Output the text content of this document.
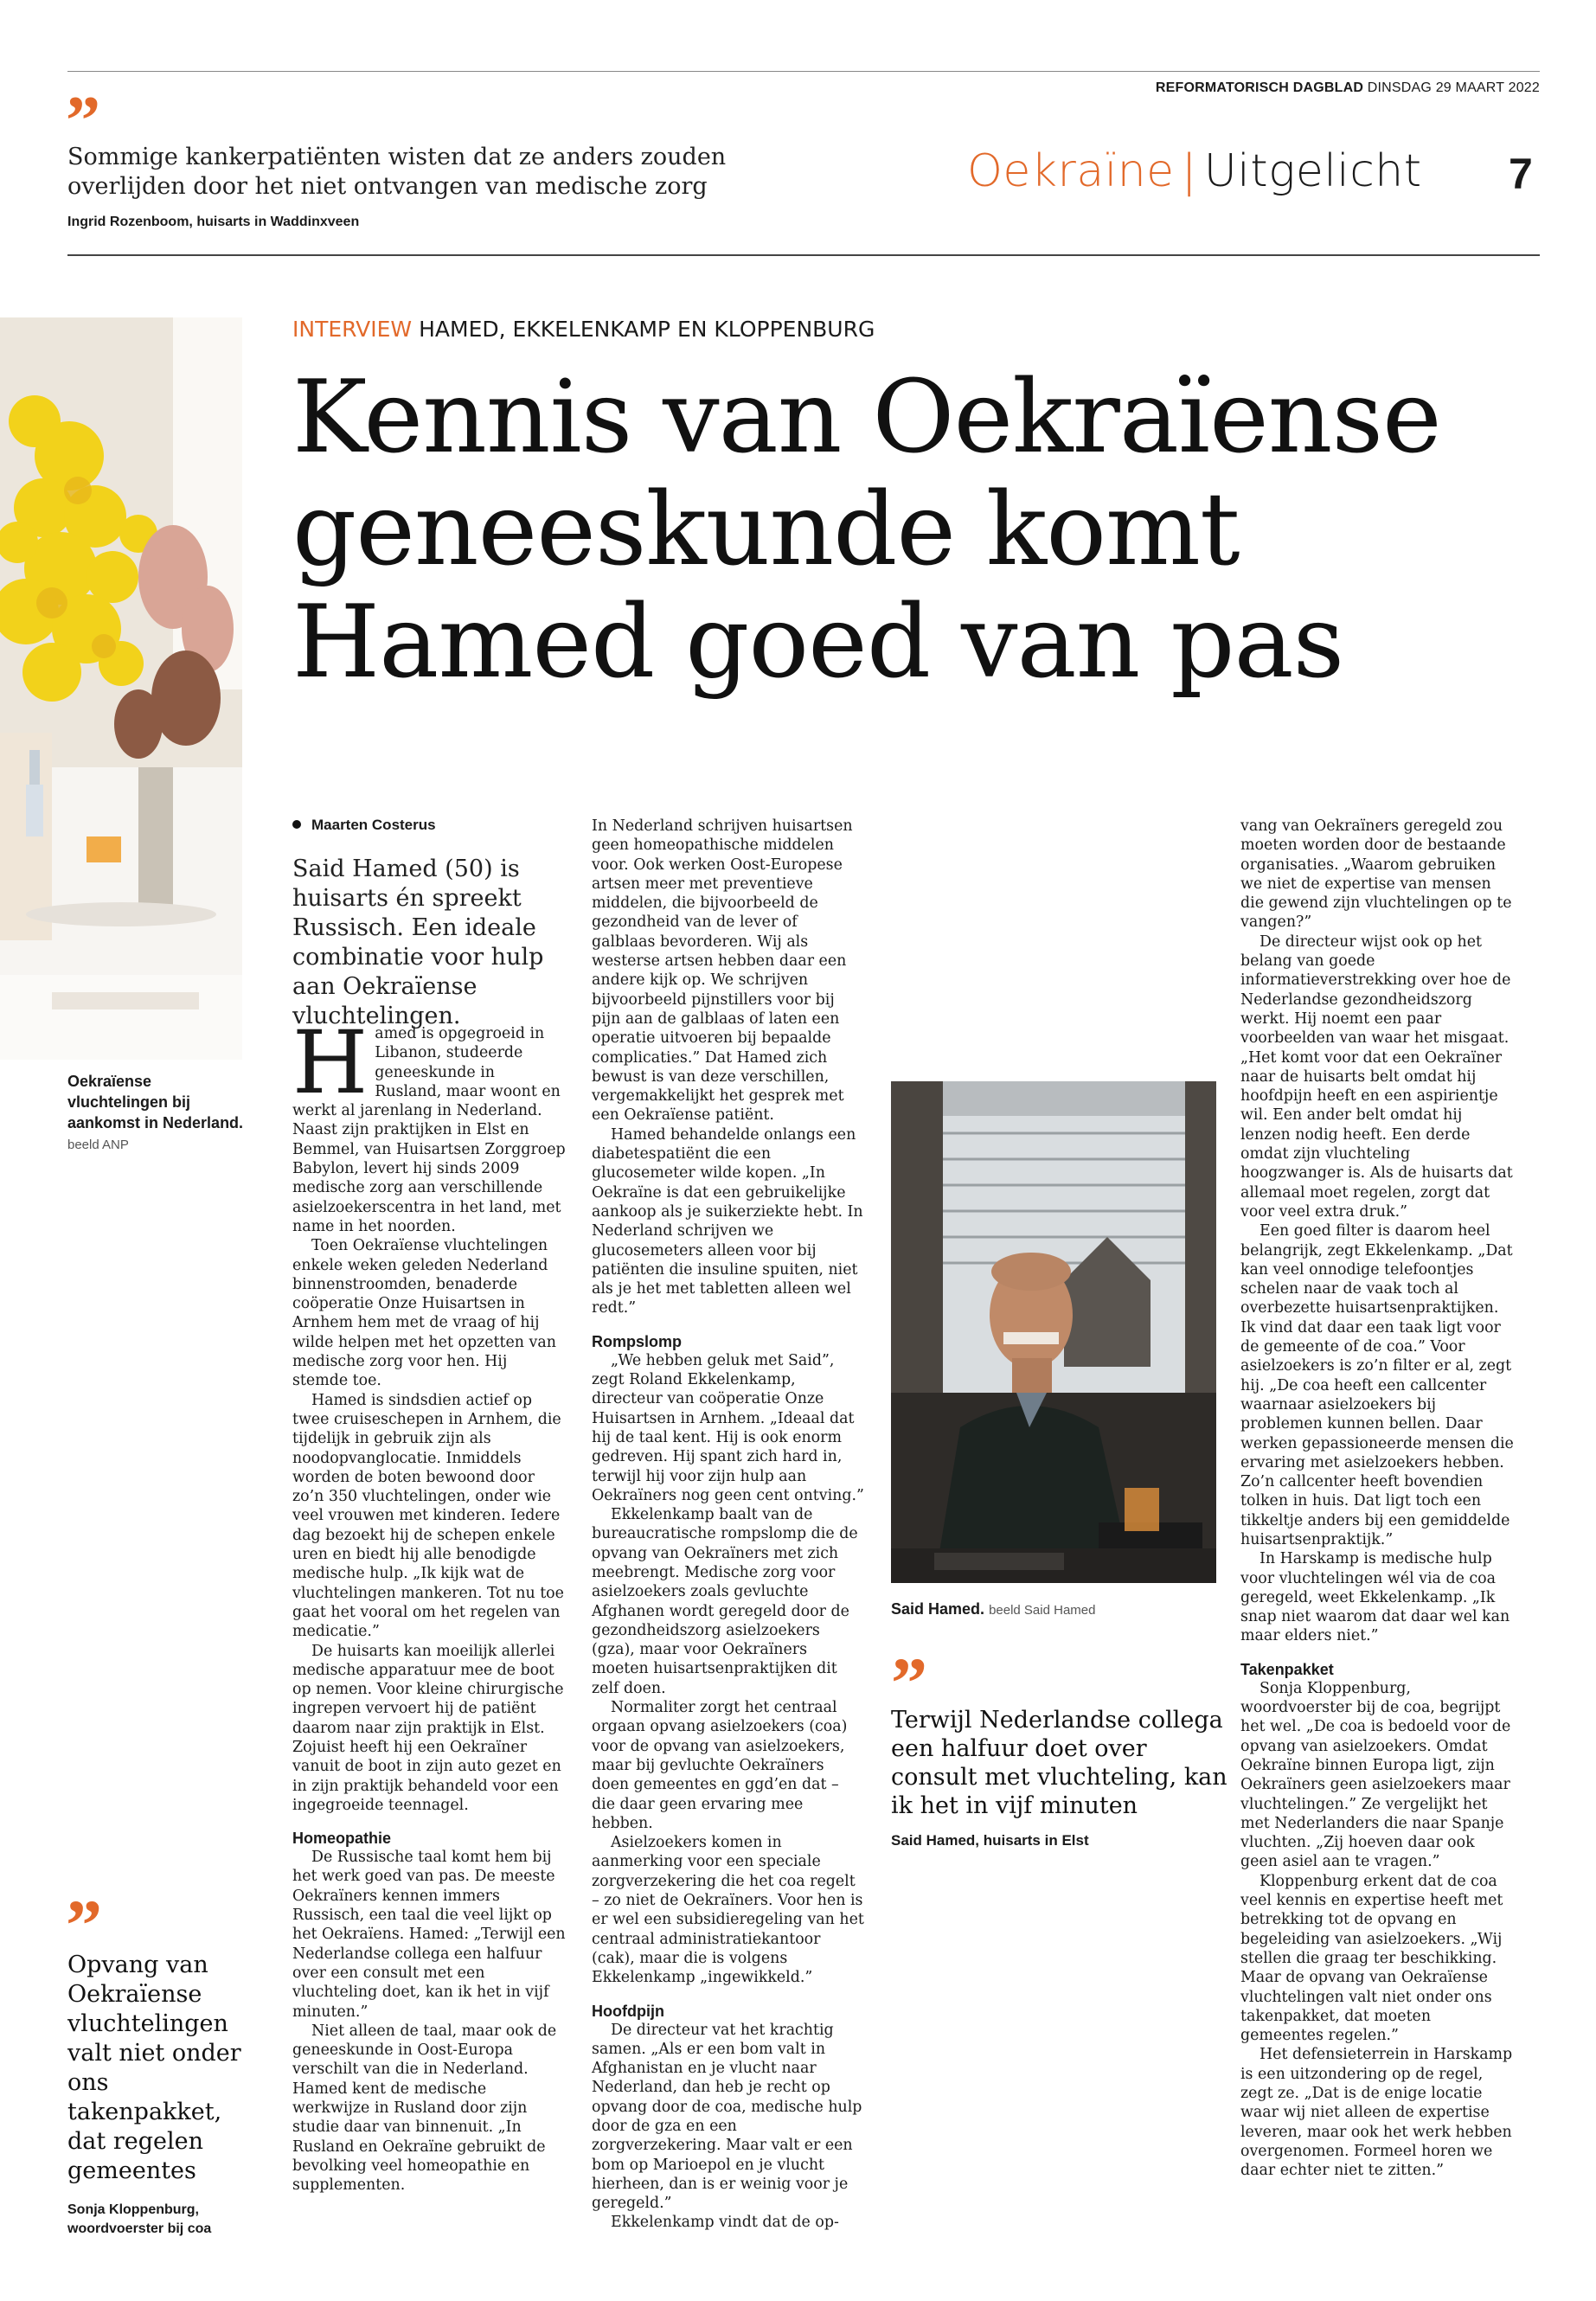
REFORMATORISCH DAGBLAD DINSDAG 29 MAART 2022
”
Sommige kankerpatiënten wisten dat ze anders zouden overlijden door het niet ontvangen van medische zorg
Ingrid Rozenboom, huisarts in Waddinxveen
Oekraïne | Uitgelicht 7
Oekraïense vluchtelingen bij aankomst in Nederland. beeld ANP
INTERVIEW HAMED, EKKELENKAMP EN KLOPPENBURG
Kennis van Oekraïense
geneeskunde komt
Hamed goed van pas
Maarten Costerus
Said Hamed (50) is huisarts én spreekt Russisch. Een ideale combinatie voor hulp aan Oekraïense vluchtelingen.
H amed is opgegroeid in Libanon, studeerde geneeskunde in Rusland, maar woont en werkt al jarenlang in Nederland. Naast zijn praktijken in Elst en Bemmel, van Huisartsen Zorggroep Babylon, levert hij sinds 2009 medische zorg aan verschillende asielzoekerscentra in het land, met name in het noorden.

Toen Oekraïense vluchtelingen enkele weken geleden Nederland binnenstroomden, benaderde coöperatie Onze Huisartsen in Arnhem hem met de vraag of hij wilde helpen met het opzetten van medische zorg voor hen. Hij stemde toe.

Hamed is sindsdien actief op twee cruiseschepen in Arnhem, die tijdelijk in gebruik zijn als noodopvanglocatie. Inmiddels worden de boten bewoond door zo’n 350 vluchtelingen, onder wie veel vrouwen met kinderen. Iedere dag bezoekt hij de schepen enkele uren en biedt hij alle benodigde medische hulp. „Ik kijk wat de vluchtelingen mankeren. Tot nu toe gaat het vooral om het regelen van medicatie.”

De huisarts kan moeilijk allerlei medische apparatuur mee de boot op nemen. Voor kleine chirurgische ingrepen vervoert hij de patiënt daarom naar zijn praktijk in Elst. Zojuist heeft hij een Oekraïner vanuit de boot in zijn auto gezet en in zijn praktijk behandeld voor een ingegroeide teennagel.

Homeopathie

De Russische taal komt hem bij het werk goed van pas. De meeste Oekraïners kennen immers Russisch, een taal die veel lijkt op het Oekraïens. Hamed: „Terwijl een Nederlandse collega een halfuur over een consult met een vluchteling doet, kan ik het in vijf minuten.”

Niet alleen de taal, maar ook de geneeskunde in Oost-Europa verschilt van die in Nederland. Hamed kent de medische werkwijze in Rusland door zijn studie daar van binnenuit. „In Rusland en Oekraïne gebruikt de bevolking veel homeopathie en supplementen.

In Nederland schrijven huisartsen geen homeopathische middelen voor. Ook werken Oost-Europese artsen meer met preventieve middelen, die bijvoorbeeld de gezondheid van de lever of galblaas bevorderen. Wij als westerse artsen hebben daar een andere kijk op. We schrijven bijvoorbeeld pijnstillers voor bij pijn aan de galblaas of laten een operatie uitvoeren bij bepaalde complicaties.” Dat Hamed zich bewust is van deze verschillen, vergemakkelijkt het gesprek met een Oekraïense patiënt.

Hamed behandelde onlangs een diabetespatiënt die een glucosemeter wilde kopen. „In Oekraïne is dat een gebruikelijke aankoop als je suikerziekte hebt. In Nederland schrijven we glucosemeters alleen voor bij patiënten die insuline spuiten, niet als je het met tabletten alleen wel redt.”

Rompslomp

„We hebben geluk met Said”, zegt Roland Ekkelenkamp, directeur van coöperatie Onze Huisartsen in Arnhem. „Ideaal dat hij de taal kent. Hij is ook enorm gedreven. Hij spant zich hard in, terwijl hij voor zijn hulp aan Oekraïners nog geen cent ontving.”

Ekkelenkamp baalt van de bureaucratische rompslomp die de opvang van Oekraïners met zich meebrengt. Medische zorg voor asielzoekers zoals gevluchte Afghanen wordt geregeld door de gezondheidszorg asielzoekers (gza), maar voor Oekraïners moeten huisartsenpraktijken dit zelf doen.

Normaliter zorgt het centraal orgaan opvang asielzoekers (coa) voor de opvang van asielzoekers, maar bij gevluchte Oekraïners doen gemeentes en ggd’en dat – die daar geen ervaring mee hebben.

Asielzoekers komen in aanmerking voor een speciale zorgverzekering die het coa regelt – zo niet de Oekraïners. Voor hen is er wel een subsidieregeling van het centraal administratiekantoor (cak), maar die is volgens Ekkelenkamp „ingewikkeld.”

Hoofdpijn

De directeur vat het krachtig samen. „Als er een bom valt in Afghanistan en je vlucht naar Nederland, dan heb je recht op opvang door de coa, medische hulp door de gza en een zorgverzekering. Maar valt er een bom op Marioepol en je vlucht hierheen, dan is er weinig voor je geregeld.”

Ekkelenkamp vindt dat de op-

Said Hamed. beeld Said Hamed
”
Terwijl Nederlandse collega een halfuur doet over consult met vluchteling, kan ik het in vijf minuten
Said Hamed, huisarts in Elst

vang van Oekraïners geregeld zou moeten worden door de bestaande organisaties. „Waarom gebruiken we niet de expertise van mensen die gewend zijn vluchtelingen op te vangen?”

De directeur wijst ook op het belang van goede informatieverstrekking over hoe de Nederlandse gezondheidszorg werkt. Hij noemt een paar voorbeelden van waar het misgaat. „Het komt voor dat een Oekraïner naar de huisarts belt omdat hij hoofdpijn heeft en een aspirientje wil. Een ander belt omdat hij lenzen nodig heeft. Een derde omdat zijn vluchteling hoogzwanger is. Als de huisarts dat allemaal moet regelen, zorgt dat voor veel extra druk.”

Een goed filter is daarom heel belangrijk, zegt Ekkelenkamp. „Dat kan veel onnodige telefoontjes schelen naar de vaak toch al overbezette huisartsenpraktijken. Ik vind dat daar een taak ligt voor de gemeente of de coa.” Voor asielzoekers is zo’n filter er al, zegt hij. „De coa heeft een callcenter waarnaar asielzoekers bij problemen kunnen bellen. Daar werken gepassioneerde mensen die ervaring met asielzoekers hebben. Zo’n callcenter heeft bovendien tolken in huis. Dat ligt toch een tikkeltje anders bij een gemiddelde huisartsenpraktijk.”

In Harskamp is medische hulp voor vluchtelingen wél via de coa geregeld, weet Ekkelenkamp. „Ik snap niet waarom dat daar wel kan maar elders niet.”

Takenpakket

Sonja Kloppenburg, woordvoerster bij de coa, begrijpt het wel. „De coa is bedoeld voor de opvang van asielzoekers. Omdat Oekraïne binnen Europa ligt, zijn Oekraïners geen asielzoekers maar vluchtelingen.” Ze vergelijkt het met Nederlanders die naar Spanje vluchten. „Zij hoeven daar ook geen asiel aan te vragen.”

Kloppenburg erkent dat de coa veel kennis en expertise heeft met betrekking tot de opvang en begeleiding van asielzoekers. „Wij stellen die graag ter beschikking. Maar de opvang van Oekraïense vluchtelingen valt niet onder ons takenpakket, dat moeten gemeentes regelen.”

Het defensieterrein in Harskamp is een uitzondering op de regel, zegt ze. „Dat is de enige locatie waar wij niet alleen de expertise leveren, maar ook het werk hebben overgenomen. Formeel horen we daar echter niet te zitten.”

”
Opvang van Oekraïense vluchtelingen valt niet onder ons takenpakket, dat regelen gemeentes
Sonja Kloppenburg, woordvoerster bij coa
